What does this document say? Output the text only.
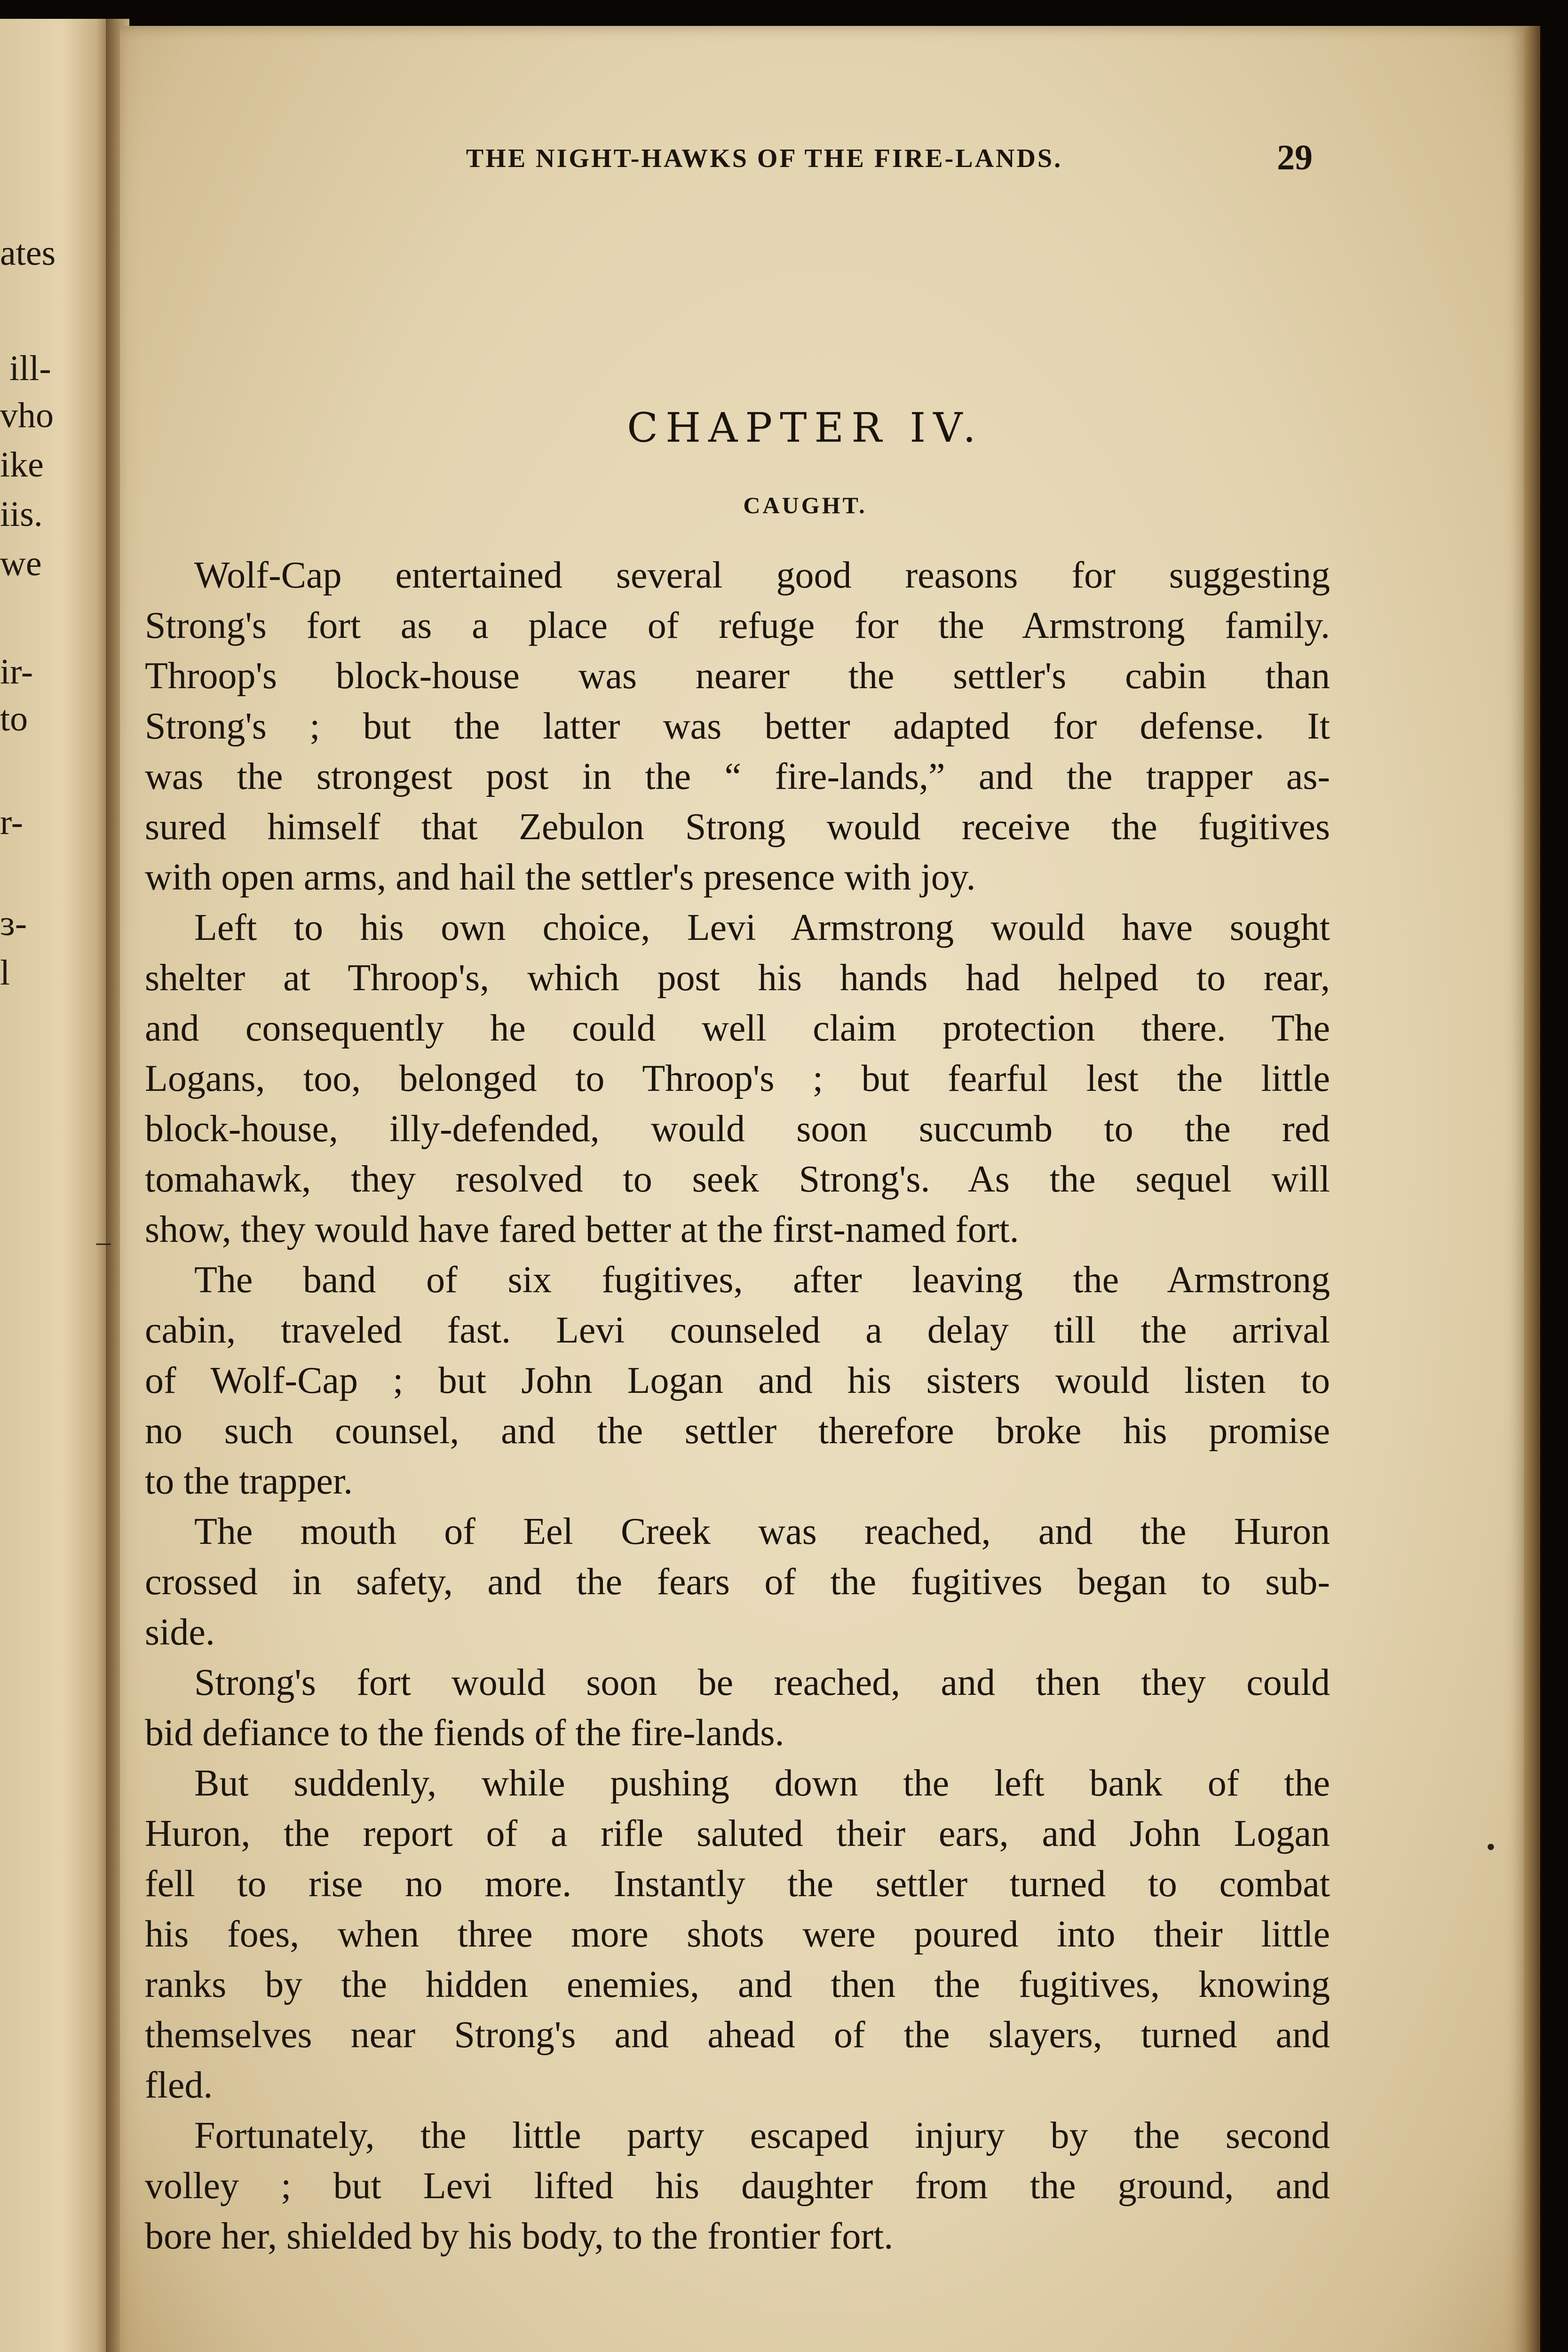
ates
ill-
vho
ike
iis.
we
ir-
to
r-
ɜ-
l
THE NIGHT-HAWKS OF THE FIRE-LANDS.	29
CHAPTER IV.
CAUGHT.
Wolf-Cap entertained several good reasons for suggesting
Strong's fort as a place of refuge for the Armstrong family.
Throop's block-house was nearer the settler's cabin than
Strong's ; but the latter was better adapted for defense. It
was the strongest post in the “ fire-lands,” and the trapper as-
sured himself that Zebulon Strong would receive the fugitives
with open arms, and hail the settler's presence with joy.
Left to his own choice, Levi Armstrong would have sought
shelter at Throop's, which post his hands had helped to rear,
and consequently he could well claim protection there. The
Logans, too, belonged to Throop's ; but fearful lest the little
block-house, illy-defended, would soon succumb to the red
tomahawk, they resolved to seek Strong's. As the sequel will
show, they would have fared better at the first-named fort.
The band of six fugitives, after leaving the Armstrong
cabin, traveled fast. Levi counseled a delay till the arrival
of Wolf-Cap ; but John Logan and his sisters would listen to
no such counsel, and the settler therefore broke his promise
to the trapper.
The mouth of Eel Creek was reached, and the Huron
crossed in safety, and the fears of the fugitives began to sub-
side.
Strong's fort would soon be reached, and then they could
bid defiance to the fiends of the fire-lands.
But suddenly, while pushing down the left bank of the
Huron, the report of a rifle saluted their ears, and John Logan
fell to rise no more. Instantly the settler turned to combat
his foes, when three more shots were poured into their little
ranks by the hidden enemies, and then the fugitives, knowing
themselves near Strong's and ahead of the slayers, turned and
fled.
Fortunately, the little party escaped injury by the second
volley ; but Levi lifted his daughter from the ground, and
bore her, shielded by his body, to the frontier fort.
‒
•
